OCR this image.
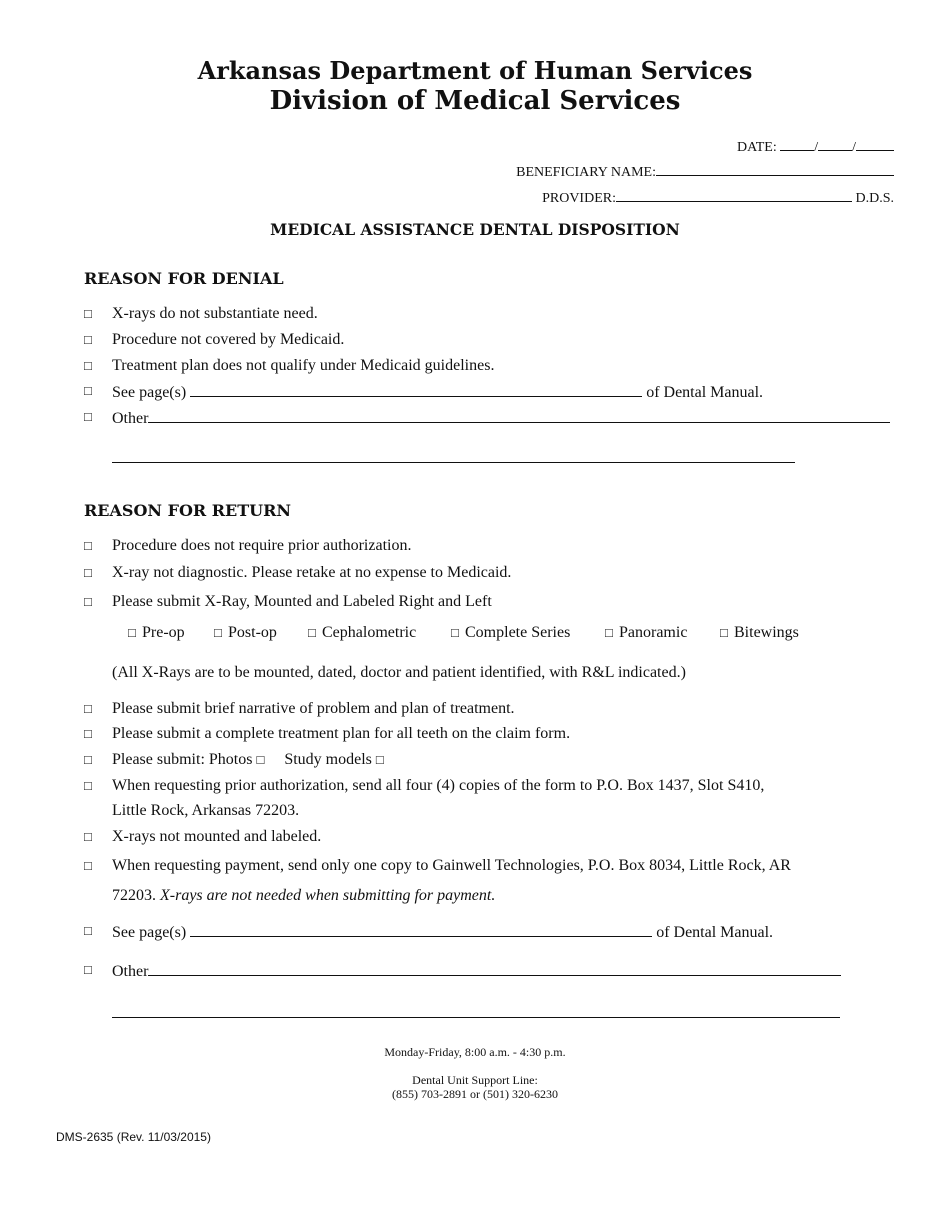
Arkansas Department of Human Services
Division of Medical Services
DATE:	/ /
BENEFICIARY NAME:
PROVIDER:	D.D.S.
MEDICAL ASSISTANCE DENTAL DISPOSITION
REASON FOR DENIAL
□ X-rays do not substantiate need.
□ Procedure not covered by Medicaid.
□ Treatment plan does not qualify under Medicaid guidelines.
□ See page(s)	of Dental Manual.
□ Other
REASON FOR RETURN
□ Procedure does not require prior authorization.
□ X-ray not diagnostic. Please retake at no expense to Medicaid.
□ Please submit X-Ray, Mounted and Labeled Right and Left
□ Pre-op □ Post-op □ Cephalometric	□ Complete Series	□ Panoramic	□ Bitewings
(All X-Rays are to be mounted, dated, doctor and patient identified, with R&L indicated.)
□ Please submit brief narrative of problem and plan of treatment.
□ Please submit a complete treatment plan for all teeth on the claim form.
□ Please submit: Photos □ Study models □
□ When requesting prior authorization, send all four (4) copies of the form to P.O. Box 1437, Slot S410,
Little Rock, Arkansas 72203.
□ X-rays not mounted and labeled.
□ When requesting payment, send only one copy to Gainwell Technologies, P.O. Box 8034, Little Rock, AR
72203. X-rays are not needed when submitting for payment.
□ See page(s)	of Dental Manual.
□ Other
Monday-Friday, 8:00 a.m. - 4:30 p.m.
Dental Unit Support Line:
(855) 703-2891 or (501) 320-6230
DMS-2635 (Rev. 11/03/2015)
